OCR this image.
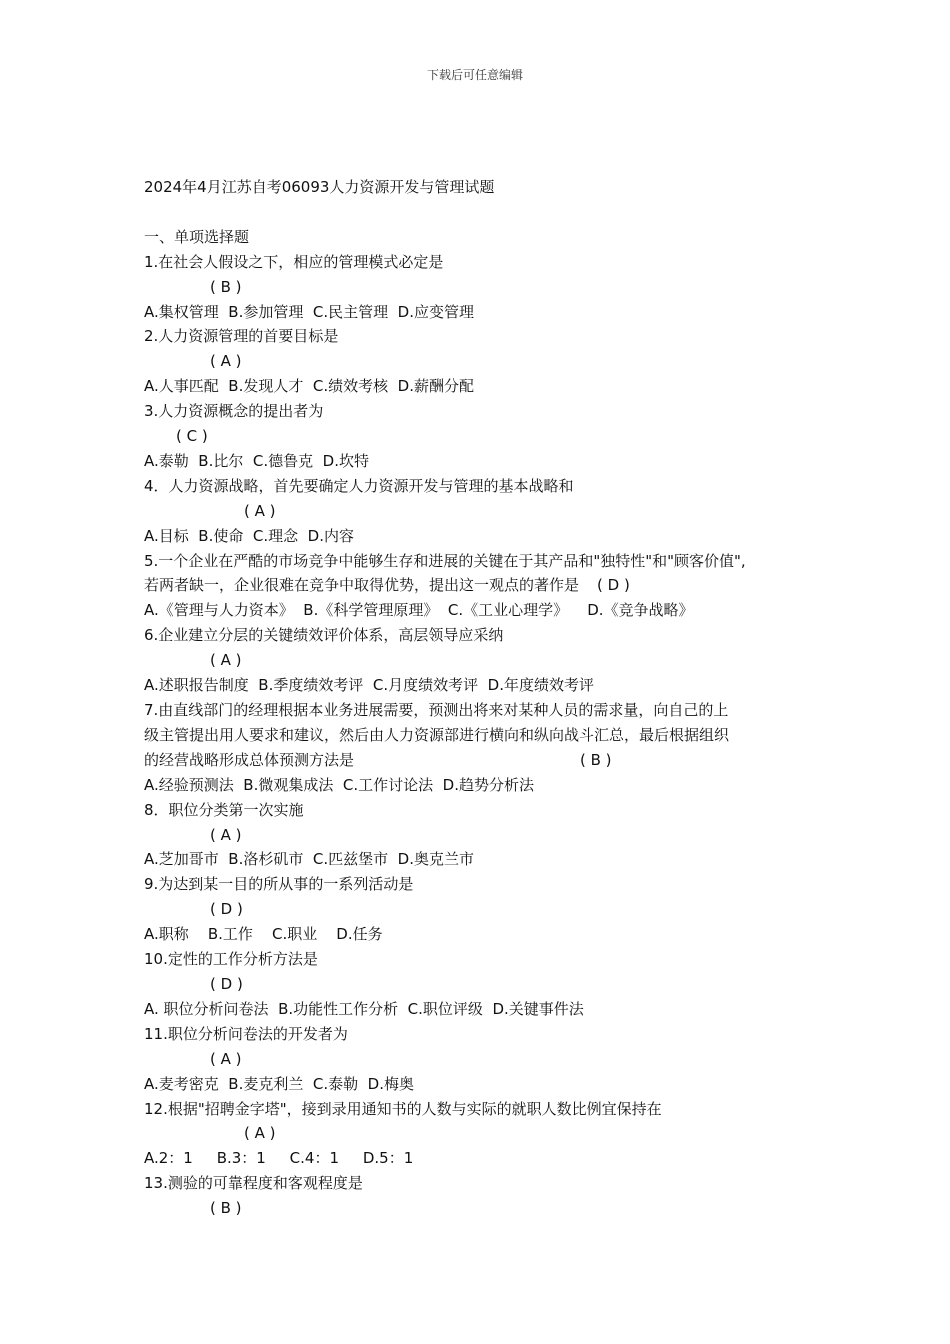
下载后可任意编辑
2024年4月江苏自考06093人力资源开发与管理试题
一、单项选择题
1.在社会人假设之下，相应的管理模式必定是
( B )
A.集权管理  B.参加管理  C.民主管理  D.应变管理
2.人力资源管理的首要目标是
( A )
A.人事匹配  B.发现人才  C.绩效考核  D.薪酬分配
3.人力资源概念的提出者为
( C )
A.泰勒  B.比尔  C.德鲁克  D.坎特
4．人力资源战略，首先要确定人力资源开发与管理的基本战略和
( A )
A.目标  B.使命  C.理念  D.内容
5.一个企业在严酷的市场竞争中能够生存和进展的关键在于其产品和"独特性"和"顾客价值",
若两者缺一，企业很难在竞争中取得优势，提出这一观点的著作是 ( D )
A.《管理与人力资本》  B.《科学管理原理》  C.《工业心理学》    D.《竞争战略》
6.企业建立分层的关键绩效评价体系，高层领导应采纳
( A )
A.述职报告制度  B.季度绩效考评  C.月度绩效考评  D.年度绩效考评
7.由直线部门的经理根据本业务进展需要，预测出将来对某种人员的需求量，向自己的上
级主管提出用人要求和建议，然后由人力资源部进行横向和纵向战斗汇总，最后根据组织
的经营战略形成总体预测方法是	( B )
A.经验预测法  B.微观集成法  C.工作讨论法  D.趋势分析法
8．职位分类第一次实施
( A )
A.芝加哥市  B.洛杉矶市  C.匹兹堡市  D.奥克兰市
9.为达到某一目的所从事的一系列活动是
( D )
A.职称    B.工作    C.职业    D.任务
10.定性的工作分析方法是
( D )
A. 职位分析问卷法  B.功能性工作分析  C.职位评级  D.关键事件法
11.职位分析问卷法的开发者为
( A )
A.麦考密克  B.麦克利兰  C.泰勒  D.梅奥
12.根据"招聘金字塔"，接到录用通知书的人数与实际的就职人数比例宜保持在
( A )
A.2：1     B.3：1     C.4：1     D.5：1
13.测验的可靠程度和客观程度是
( B )
